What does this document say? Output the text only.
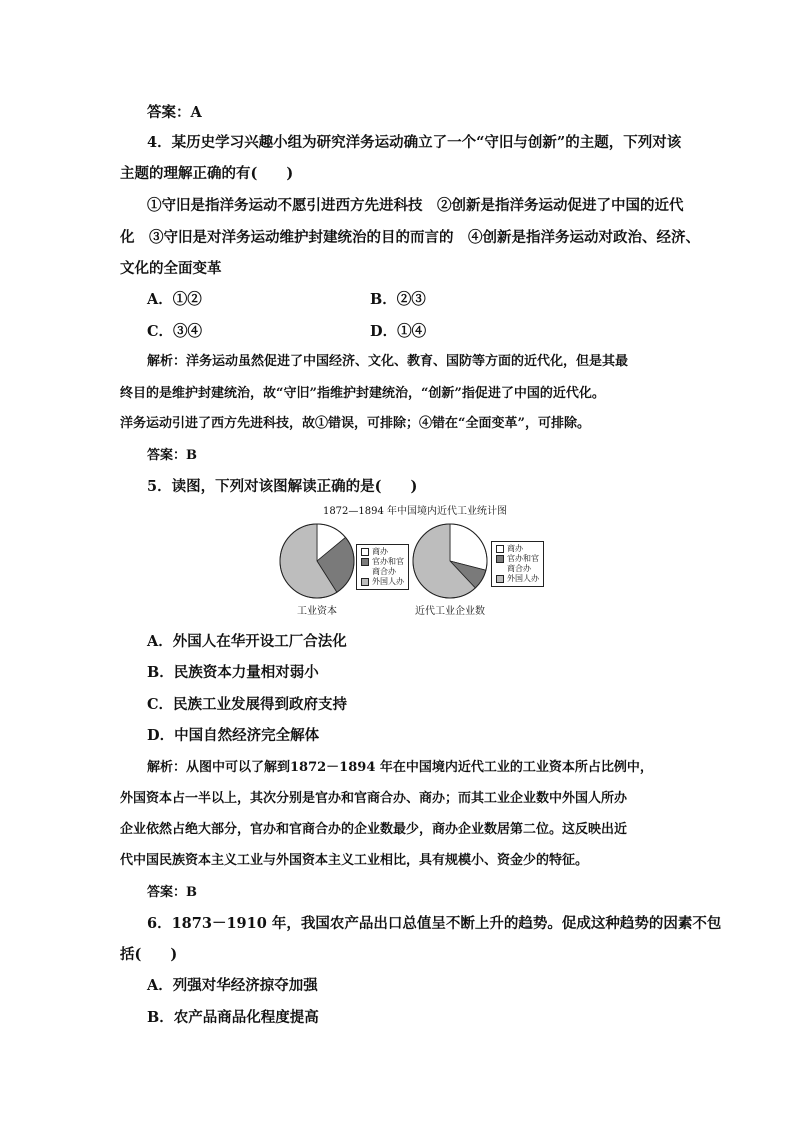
答案：A
4．某历史学习兴趣小组为研究洋务运动确立了一个“守旧与创新”的主题，下列对该
主题的理解正确的有(　　)
①守旧是指洋务运动不愿引进西方先进科技　②创新是指洋务运动促进了中国的近代
化　③守旧是对洋务运动维护封建统治的目的而言的　④创新是指洋务运动对政治、经济、
文化的全面变革
A．①②	B．②③
C．③④	D．①④
解析：洋务运动虽然促进了中国经济、文化、教育、国防等方面的近代化，但是其最
终目的是维护封建统治，故“守旧”指维护封建统治，“创新”指促进了中国的近代化。
洋务运动引进了西方先进科技，故①错误，可排除；④错在“全面变革”，可排除。
答案：B
5．读图，下列对该图解读正确的是(　　)
1872—1894 年中国境内近代工业统计图
商办
官办和官
商合办
外国人办
工业资本
商办
官办和官
商合办
外国人办
近代工业企业数
A．外国人在华开设工厂合法化
B．民族资本力量相对弱小
C．民族工业发展得到政府支持
D．中国自然经济完全解体
解析：从图中可以了解到1872－1894 年在中国境内近代工业的工业资本所占比例中，
外国资本占一半以上，其次分别是官办和官商合办、商办；而其工业企业数中外国人所办
企业依然占绝大部分，官办和官商合办的企业数最少，商办企业数居第二位。这反映出近
代中国民族资本主义工业与外国资本主义工业相比，具有规模小、资金少的特征。
答案：B
6．1873－1910 年，我国农产品出口总值呈不断上升的趋势。促成这种趋势的因素不包
括(　　)
A．列强对华经济掠夺加强
B．农产品商品化程度提高
